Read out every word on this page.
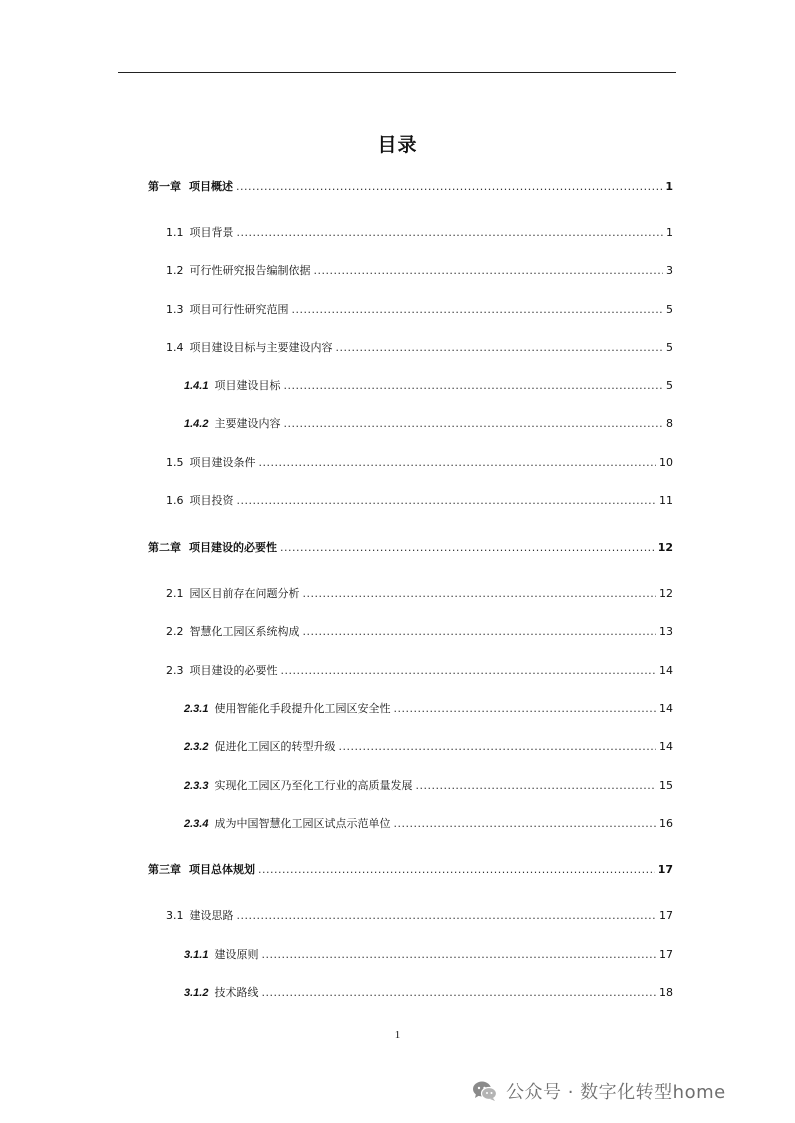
目录
第一章 项目概述 .....	1
1.1 项目背景 .....	1
1.2 可行性研究报告编制依据 .....	3
1.3 项目可行性研究范围 .....	5
1.4 项目建设目标与主要建设内容 .....	5
1.4.1 项目建设目标 .....	5
1.4.2 主要建设内容 .....	8
1.5 项目建设条件 .....	10
1.6 项目投资 .....	11
第二章 项目建设的必要性 .....	12
2.1 园区目前存在问题分析 .....	12
2.2 智慧化工园区系统构成 .....	13
2.3 项目建设的必要性 .....	14
2.3.1 使用智能化手段提升化工园区安全性 .....	14
2.3.2 促进化工园区的转型升级 .....	14
2.3.3 实现化工园区乃至化工行业的高质量发展 .....	15
2.3.4 成为中国智慧化工园区试点示范单位 .....	16
第三章 项目总体规划 .....	17
3.1 建设思路 .....	17
3.1.1 建设原则 .....	17
3.1.2 技术路线 .....	18
1
公众号 · 数字化转型home
